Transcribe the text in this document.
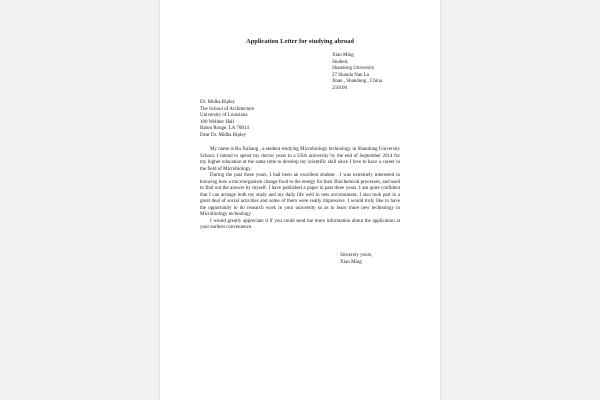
Application Letter for studying abroad
Xiao Ming
Student,
Shandong University
27 Shanda Nan Lu
Jinan , Shandong , China
250100
Dr. Midba Ripley
The School of Architecture
University of Louisiana
100 Webber Hall
Baton Rouge, LA 70814
Dear Dr. Midba Ripley

My name is Bu Xuliang , a student studying Microbiology technology in Shandong University School. I intend to spend my doctor years in a USA university by the end of September 2014 for my higher education at the same time to develop my scientific skill since I love to have a career in the field of Microbiology.

During the past three years, I had been an excellent student . I was extremely interested in knowing how a microorganism change food to the energy for their Biochemical processes, and used to find out the answer by myself. I have published a paper in past three years. I am quite confident that I can arrange both my study and my daily life well in new environment. I also took part in a great deal of social activities and some of them were really impressive. I would truly like to have the opportunity to do research work in your university so as to learn more new technology in Microbiology technology.

I would greatly appreciate it if you could send me more information about the application at your earliest convenience.

Sincerely yours,
Xiao Ming
